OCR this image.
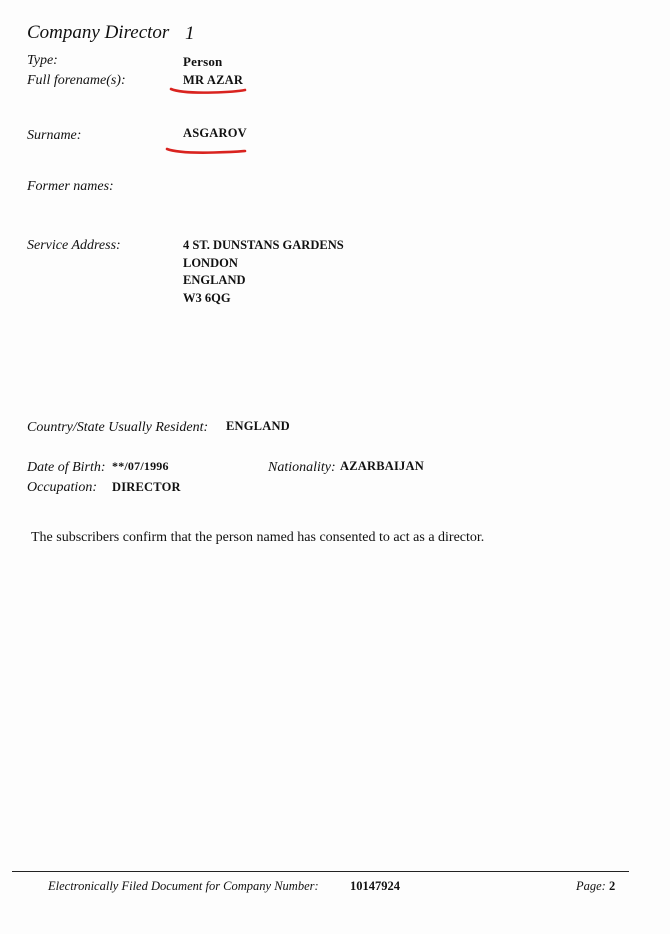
Company Director 1
Type:	Person
Full forename(s):	MR AZAR
Surname:	ASGAROV
Former names:
Service Address:	4 ST. DUNSTANS GARDENS
LONDON
ENGLAND
W3 6QG
Country/State Usually Resident: ENGLAND
Date of Birth: **/07/1996	Nationality: AZARBAIJAN
Occupation: DIRECTOR
The subscribers confirm that the person named has consented to act as a director.
Electronically Filed Document for Company Number:	10147924	Page: 2
